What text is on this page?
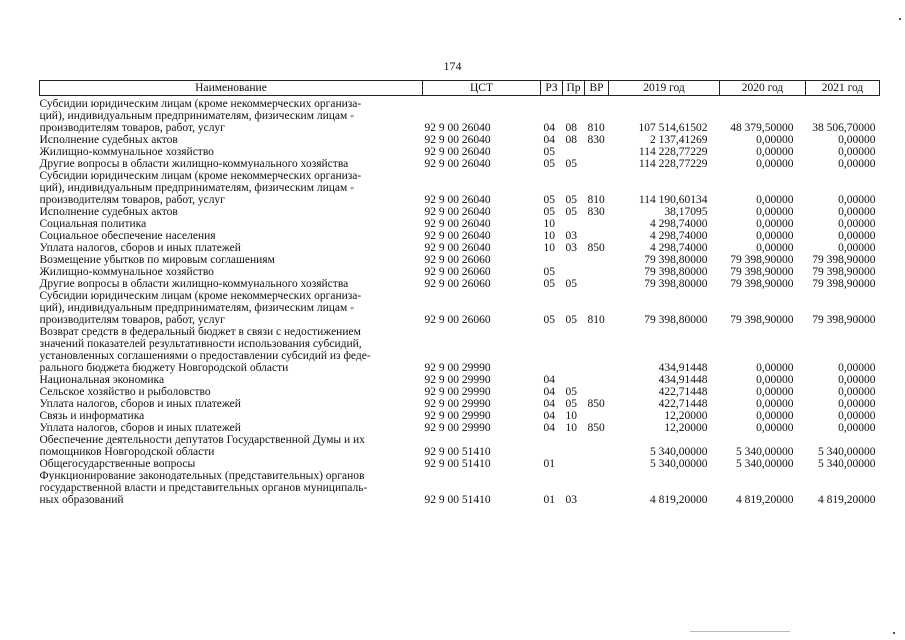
174
Наименование	ЦСТ	РЗ	Пр	ВР	2019 год	2020 год	2021 год

Субсидии юридическим лицам (кроме некоммерческих организа-
ций), индивидуальным предпринимателям, физическим лицам -
производителям товаров, работ, услуг	92 9 00 26040	04	08	810	107 514,61502	48 379,50000	38 506,70000

Исполнение судебных актов	92 9 00 26040	04	08	830	2 137,41269	0,00000	0,00000

Жилищно-коммунальное хозяйство	92 9 00 26040	05			114 228,77229	0,00000	0,00000

Другие вопросы в области жилищно-коммунального хозяйства	92 9 00 26040	05	05		114 228,77229	0,00000	0,00000

Субсидии юридическим лицам (кроме некоммерческих организа-
ций), индивидуальным предпринимателям, физическим лицам -
производителям товаров, работ, услуг	92 9 00 26040	05	05	810	114 190,60134	0,00000	0,00000

Исполнение судебных актов	92 9 00 26040	05	05	830	38,17095	0,00000	0,00000

Социальная политика	92 9 00 26040	10			4 298,74000	0,00000	0,00000

Социальное обеспечение населения	92 9 00 26040	10	03		4 298,74000	0,00000	0,00000

Уплата налогов, сборов и иных платежей	92 9 00 26040	10	03	850	4 298,74000	0,00000	0,00000

Возмещение убытков по мировым соглашениям	92 9 00 26060				79 398,80000	79 398,90000	79 398,90000

Жилищно-коммунальное хозяйство	92 9 00 26060	05			79 398,80000	79 398,90000	79 398,90000

Другие вопросы в области жилищно-коммунального хозяйства	92 9 00 26060	05	05		79 398,80000	79 398,90000	79 398,90000

Субсидии юридическим лицам (кроме некоммерческих организа-
ций), индивидуальным предпринимателям, физическим лицам -
производителям товаров, работ, услуг	92 9 00 26060	05	05	810	79 398,80000	79 398,90000	79 398,90000

Возврат средств в федеральный бюджет в связи с недостижением
значений показателей результативности использования субсидий,
установленных соглашениями о предоставлении субсидий из феде-
рального бюджета бюджету Новгородской области	92 9 00 29990				434,91448	0,00000	0,00000

Национальная экономика	92 9 00 29990	04			434,91448	0,00000	0,00000

Сельское хозяйство и рыболовство	92 9 00 29990	04	05		422,71448	0,00000	0,00000

Уплата налогов, сборов и иных платежей	92 9 00 29990	04	05	850	422,71448	0,00000	0,00000

Связь и информатика	92 9 00 29990	04	10		12,20000	0,00000	0,00000

Уплата налогов, сборов и иных платежей	92 9 00 29990	04	10	850	12,20000	0,00000	0,00000

Обеспечение деятельности депутатов Государственной Думы и их
помощников Новгородской области	92 9 00 51410				5 340,00000	5 340,00000	5 340,00000

Общегосударственные вопросы	92 9 00 51410	01			5 340,00000	5 340,00000	5 340,00000

Функционирование законодательных (представительных) органов
государственной власти и представительных органов муниципаль-
ных образований	92 9 00 51410	01	03		4 819,20000	4 819,20000	4 819,20000
